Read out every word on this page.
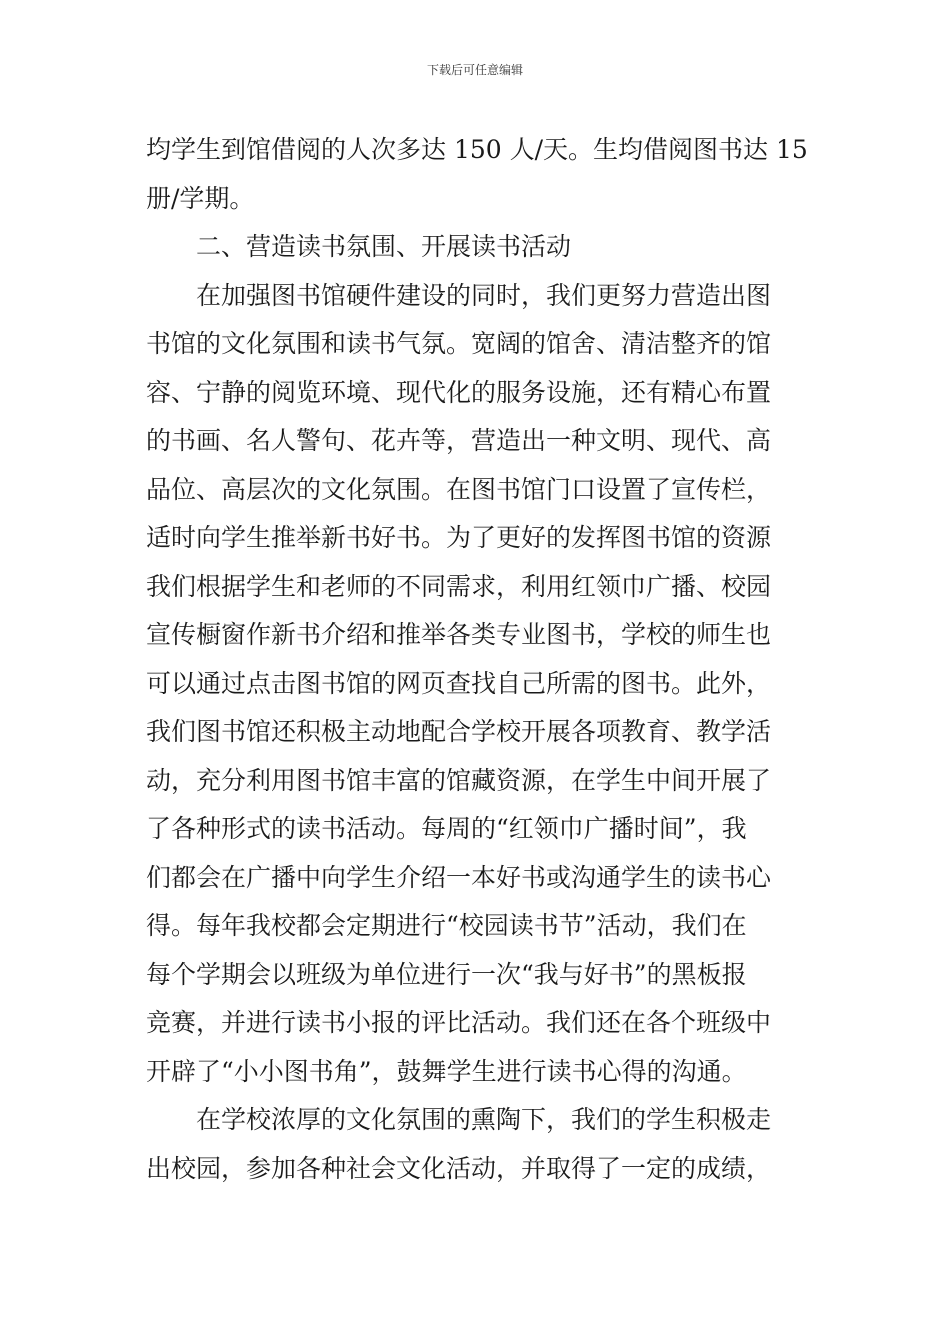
下载后可任意编辑

均学生到馆借阅的人次多达 150 人/天。生均借阅图书达 15
册/学期。

二、营造读书氛围、开展读书活动

在加强图书馆硬件建设的同时，我们更努力营造出图
书馆的文化氛围和读书气氛。宽阔的馆舍、清洁整齐的馆
容、宁静的阅览环境、现代化的服务设施，还有精心布置
的书画、名人警句、花卉等，营造出一种文明、现代、高
品位、高层次的文化氛围。在图书馆门口设置了宣传栏，
适时向学生推举新书好书。为了更好的发挥图书馆的资源
我们根据学生和老师的不同需求，利用红领巾广播、校园
宣传橱窗作新书介绍和推举各类专业图书，学校的师生也
可以通过点击图书馆的网页查找自己所需的图书。此外，
我们图书馆还积极主动地配合学校开展各项教育、教学活
动，充分利用图书馆丰富的馆藏资源，在学生中间开展了
了各种形式的读书活动。每周的“红领巾广播时间”，我
们都会在广播中向学生介绍一本好书或沟通学生的读书心
得。每年我校都会定期进行“校园读书节”活动，我们在
每个学期会以班级为单位进行一次“我与好书”的黑板报
竞赛，并进行读书小报的评比活动。我们还在各个班级中
开辟了“小小图书角”，鼓舞学生进行读书心得的沟通。

在学校浓厚的文化氛围的熏陶下，我们的学生积极走
出校园，参加各种社会文化活动，并取得了一定的成绩，
